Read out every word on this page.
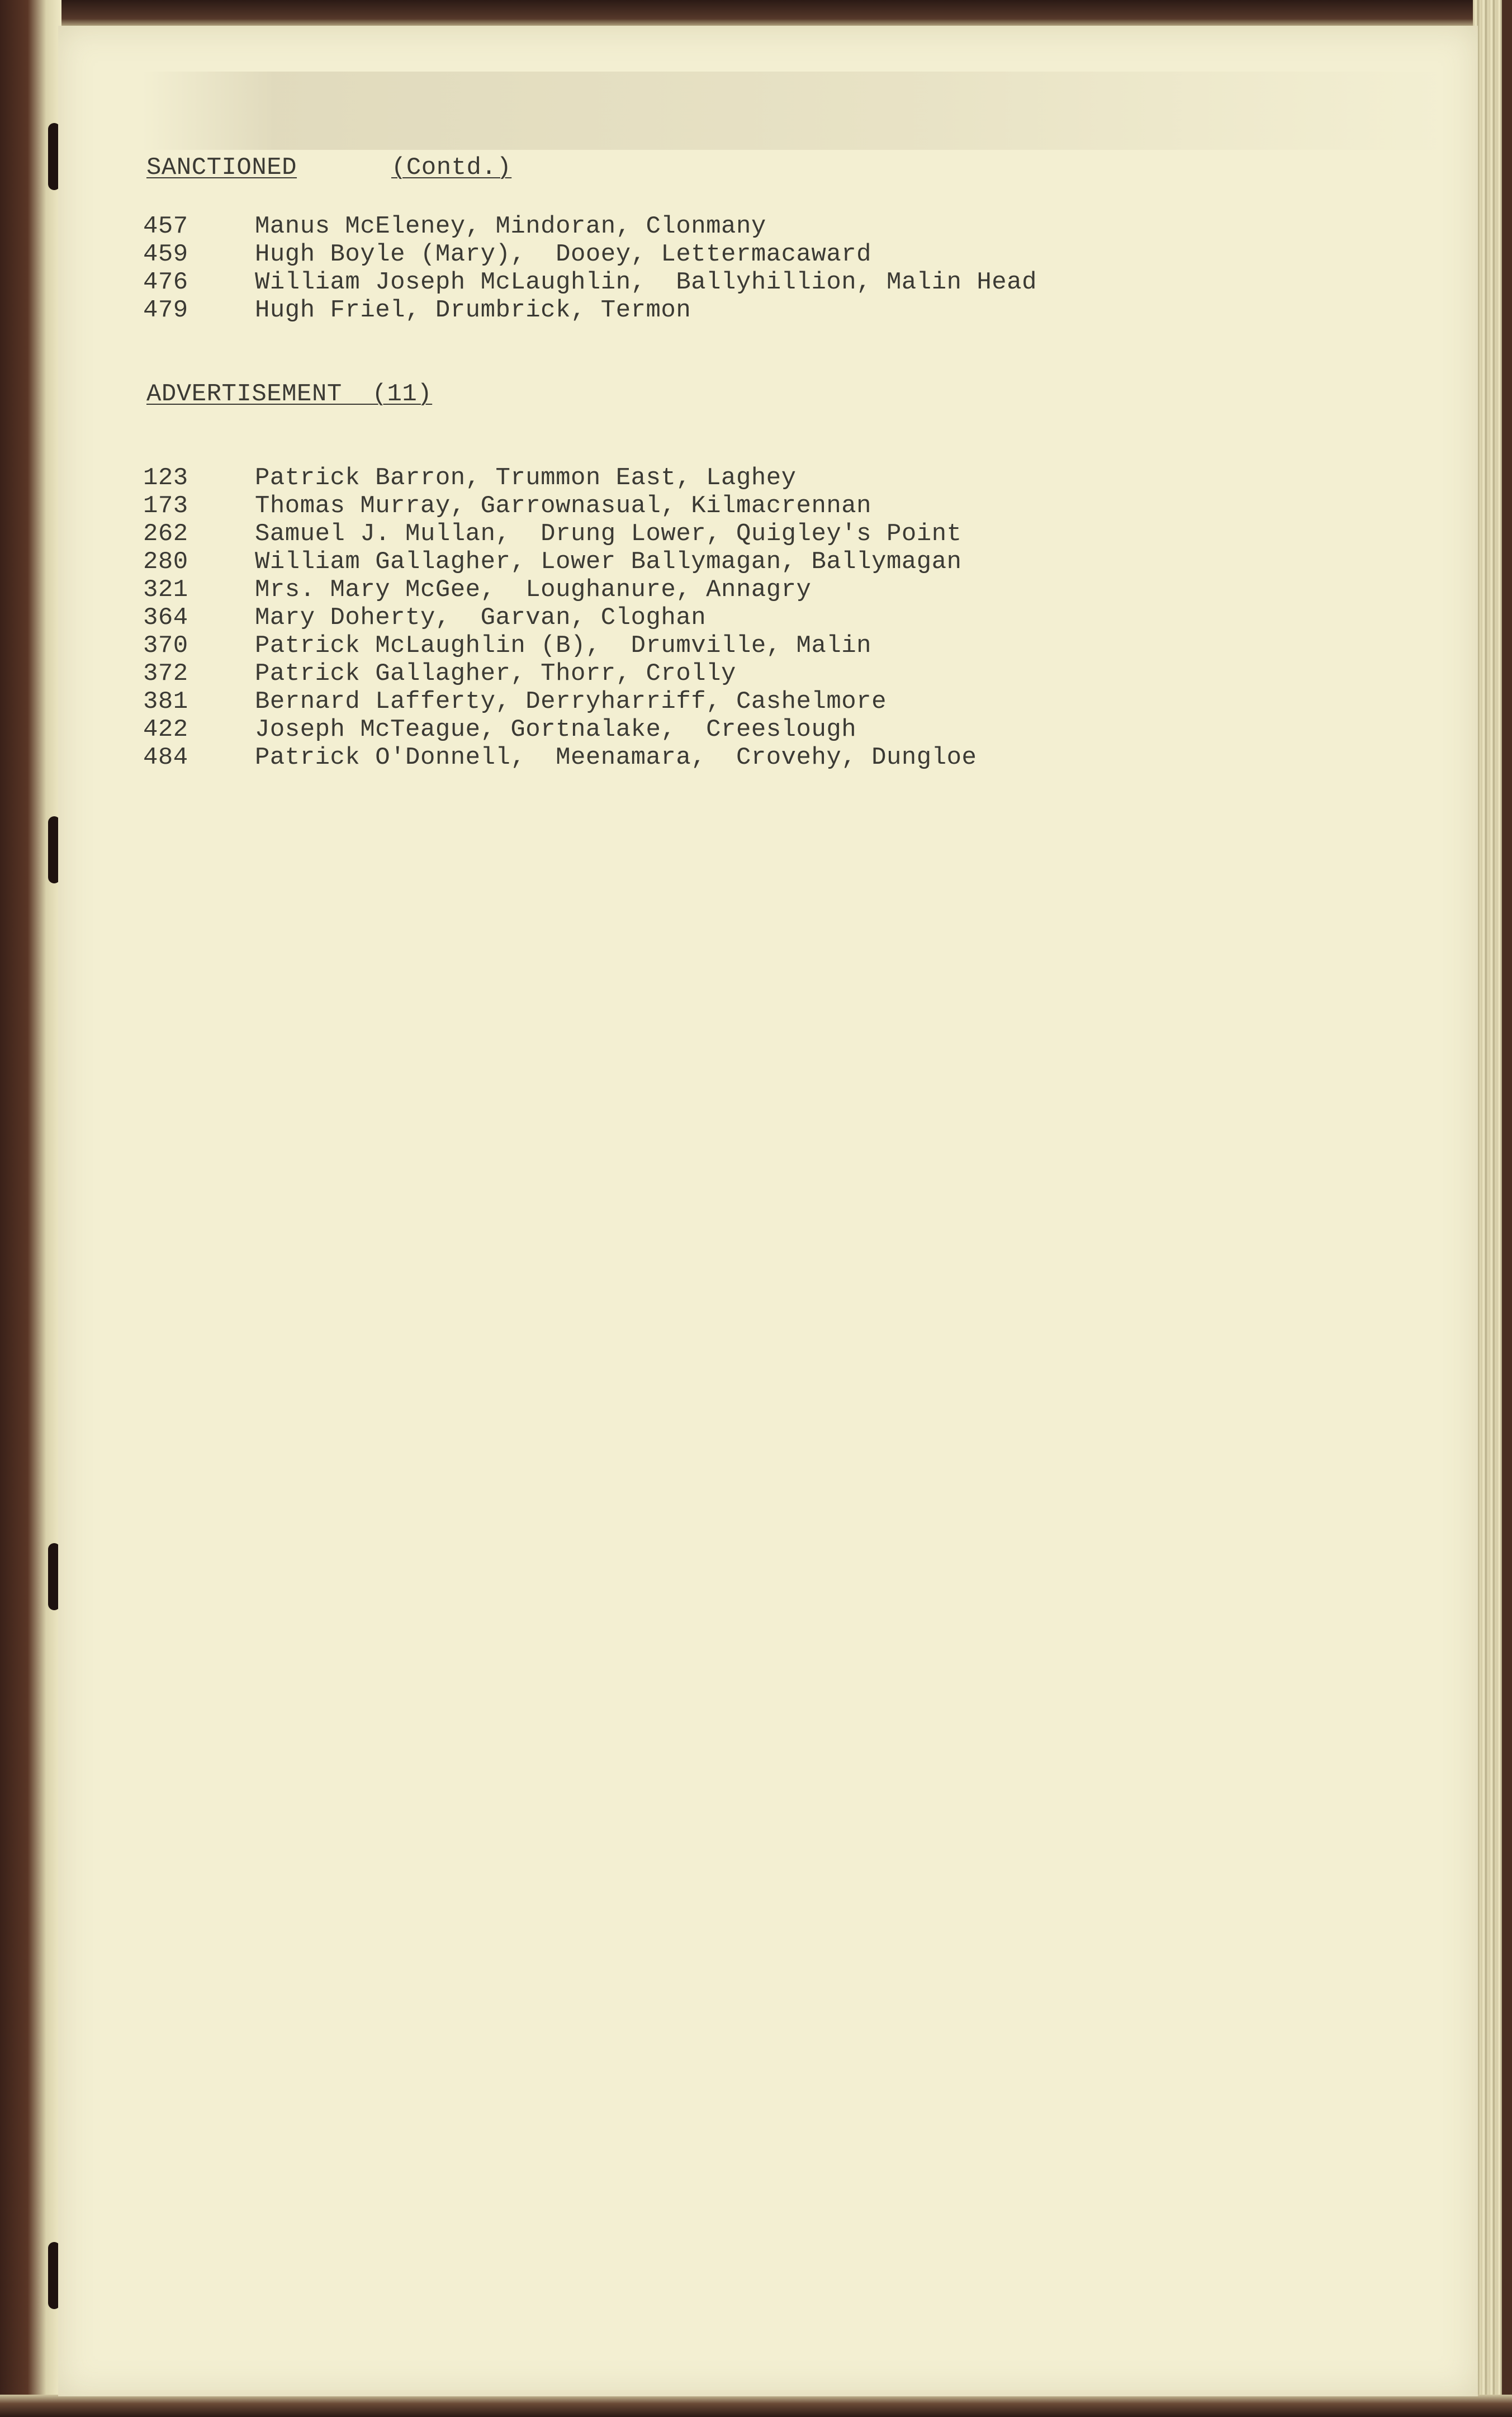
SANCTIONED	(Contd.)
457	Manus McEleney, Mindoran, Clonmany
459	Hugh Boyle (Mary),  Dooey, Lettermacaward
476	William Joseph McLaughlin,  Ballyhillion, Malin Head
479	Hugh Friel, Drumbrick, Termon
ADVERTISEMENT  (11)
123	Patrick Barron, Trummon East, Laghey
173	Thomas Murray, Garrownasual, Kilmacrennan
262	Samuel J. Mullan,  Drung Lower, Quigley's Point
280	William Gallagher, Lower Ballymagan, Ballymagan
321	Mrs. Mary McGee,  Loughanure, Annagry
364	Mary Doherty,  Garvan, Cloghan
370	Patrick McLaughlin (B),  Drumville, Malin
372	Patrick Gallagher, Thorr, Crolly
381	Bernard Lafferty, Derryharriff, Cashelmore
422	Joseph McTeague, Gortnalake,  Creeslough
484	Patrick O'Donnell,  Meenamara,  Crovehy, Dungloe
